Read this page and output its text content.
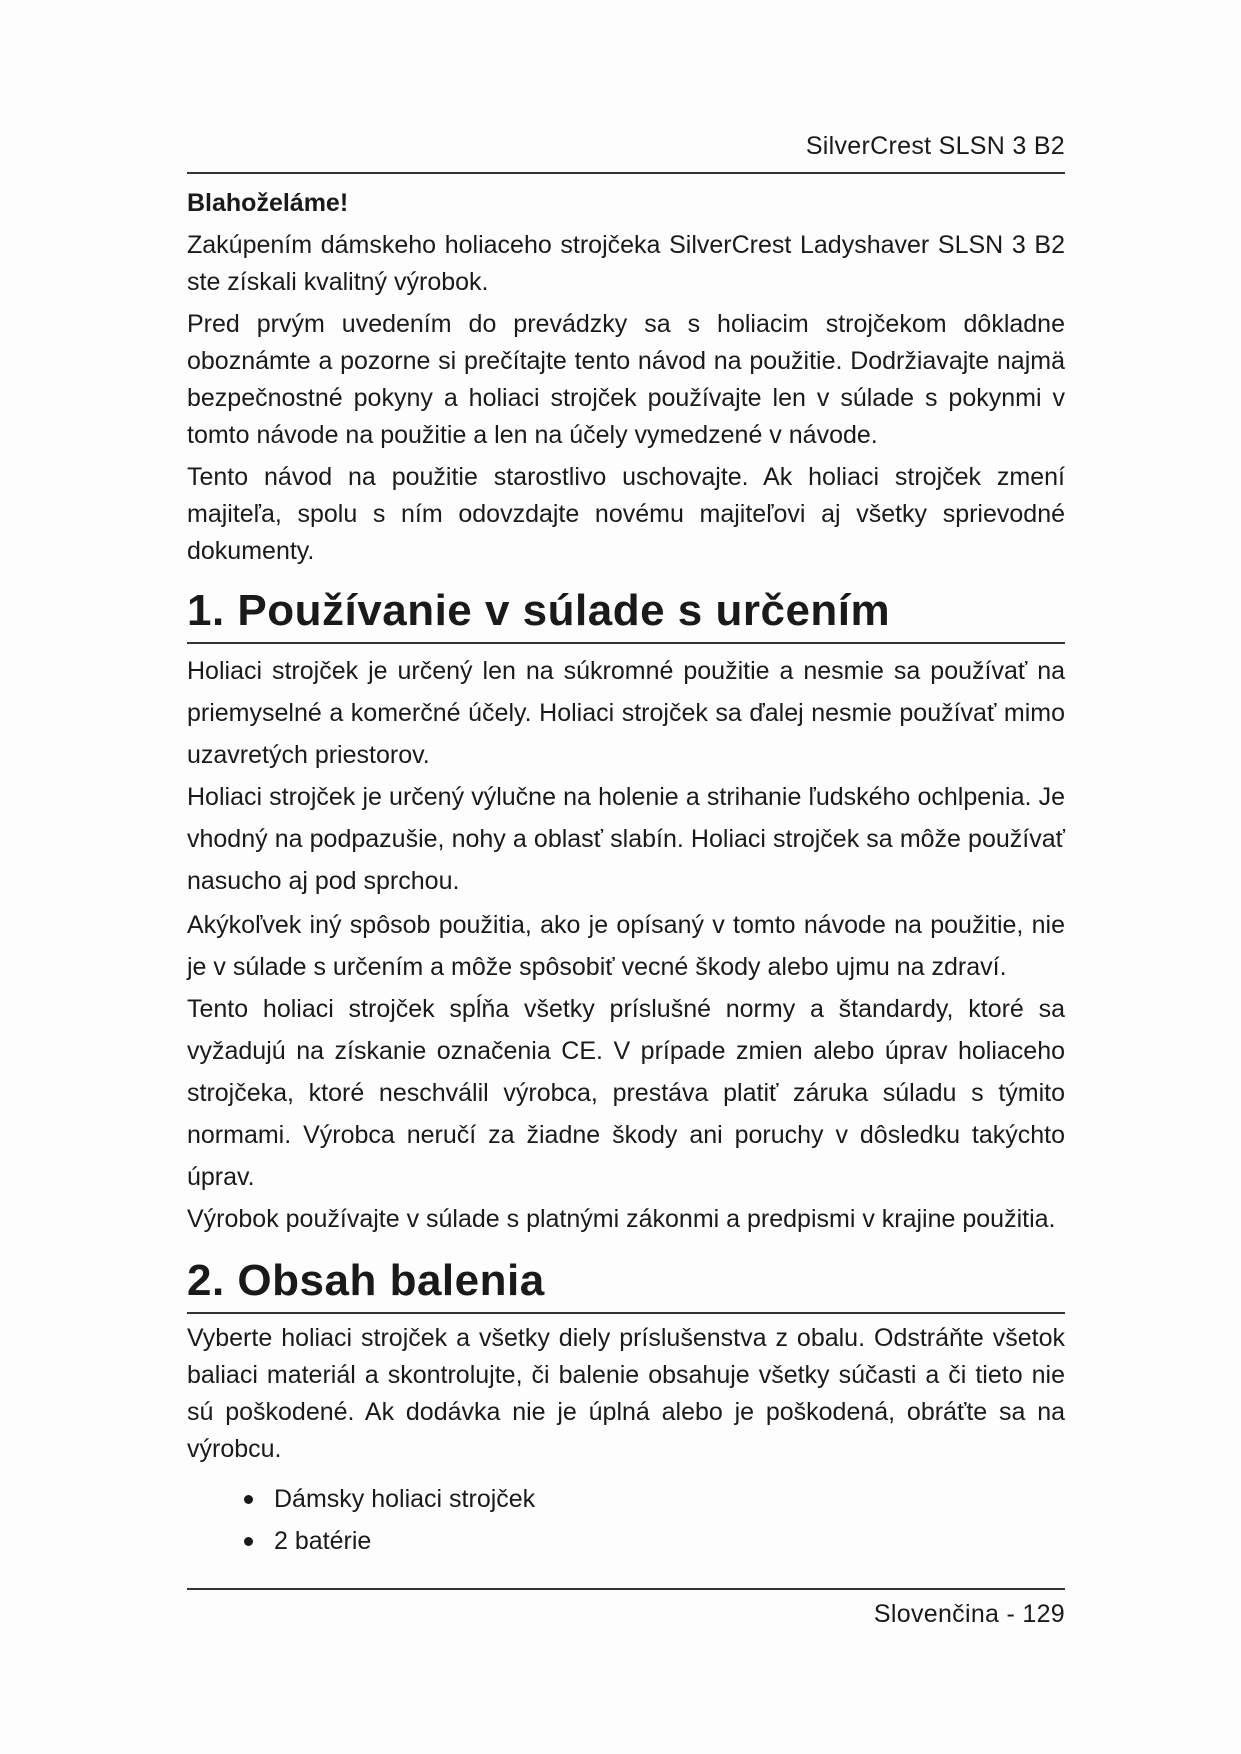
SilverCrest SLSN 3 B2

Blahoželáme!

Zakúpením dámskeho holiaceho strojčeka SilverCrest Ladyshaver SLSN 3 B2 ste získali kvalitný výrobok.

Pred prvým uvedením do prevádzky sa s holiacim strojčekom dôkladne oboznámte a pozorne si prečítajte tento návod na použitie. Dodržiavajte najmä bezpečnostné pokyny a holiaci strojček používajte len v súlade s pokynmi v tomto návode na použitie a len na účely vymedzené v návode.

Tento návod na použitie starostlivo uschovajte. Ak holiaci strojček zmení majiteľa, spolu s ním odovzdajte novému majiteľovi aj všetky sprievodné dokumenty.

1. Používanie v súlade s určením

Holiaci strojček je určený len na súkromné použitie a nesmie sa používať na priemyselné a komerčné účely. Holiaci strojček sa ďalej nesmie používať mimo uzavretých priestorov.

Holiaci strojček je určený výlučne na holenie a strihanie ľudského ochlpenia. Je vhodný na podpazušie, nohy a oblasť slabín. Holiaci strojček sa môže používať nasucho aj pod sprchou.

Akýkoľvek iný spôsob použitia, ako je opísaný v tomto návode na použitie, nie je v súlade s určením a môže spôsobiť vecné škody alebo ujmu na zdraví.

Tento holiaci strojček spĺňa všetky príslušné normy a štandardy, ktoré sa vyžadujú na získanie označenia CE. V prípade zmien alebo úprav holiaceho strojčeka, ktoré neschválil výrobca, prestáva platiť záruka súladu s týmito normami. Výrobca neručí za žiadne škody ani poruchy v dôsledku takýchto úprav.

Výrobok používajte v súlade s platnými zákonmi a predpismi v krajine použitia.

2. Obsah balenia

Vyberte holiaci strojček a všetky diely príslušenstva z obalu. Odstráňte všetok baliaci materiál a skontrolujte, či balenie obsahuje všetky súčasti a či tieto nie sú poškodené. Ak dodávka nie je úplná alebo je poškodená, obráťte sa na výrobcu.

Dámsky holiaci strojček
2 batérie
Slovenčina - 129
